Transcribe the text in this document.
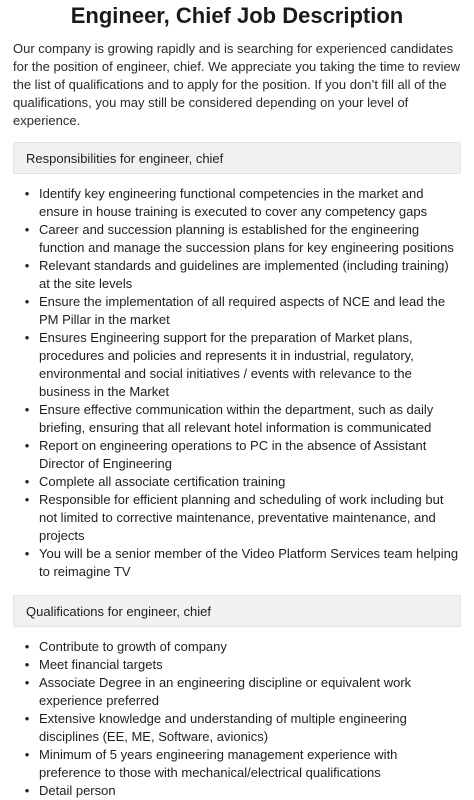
Engineer, Chief Job Description

Our company is growing rapidly and is searching for experienced candidates for the position of engineer, chief. We appreciate you taking the time to review the list of qualifications and to apply for the position. If you don’t fill all of the qualifications, you may still be considered depending on your level of experience.

Responsibilities for engineer, chief
• Identify key engineering functional competencies in the market and ensure in house training is executed to cover any competency gaps
• Career and succession planning is established for the engineering function and manage the succession plans for key engineering positions
• Relevant standards and guidelines are implemented (including training) at the site levels
• Ensure the implementation of all required aspects of NCE and lead the PM Pillar in the market
• Ensures Engineering support for the preparation of Market plans, procedures and policies and represents it in industrial, regulatory, environmental and social initiatives / events with relevance to the business in the Market
• Ensure effective communication within the department, such as daily briefing, ensuring that all relevant hotel information is communicated
• Report on engineering operations to PC in the absence of Assistant Director of Engineering
• Complete all associate certification training
• Responsible for efficient planning and scheduling of work including but not limited to corrective maintenance, preventative maintenance, and projects
• You will be a senior member of the Video Platform Services team helping to reimagine TV
Qualifications for engineer, chief
• Contribute to growth of company
• Meet financial targets
• Associate Degree in an engineering discipline or equivalent work experience preferred
• Extensive knowledge and understanding of multiple engineering disciplines (EE, ME, Software, avionics)
• Minimum of 5 years engineering management experience with preference to those with mechanical/electrical qualifications
• Detail person
